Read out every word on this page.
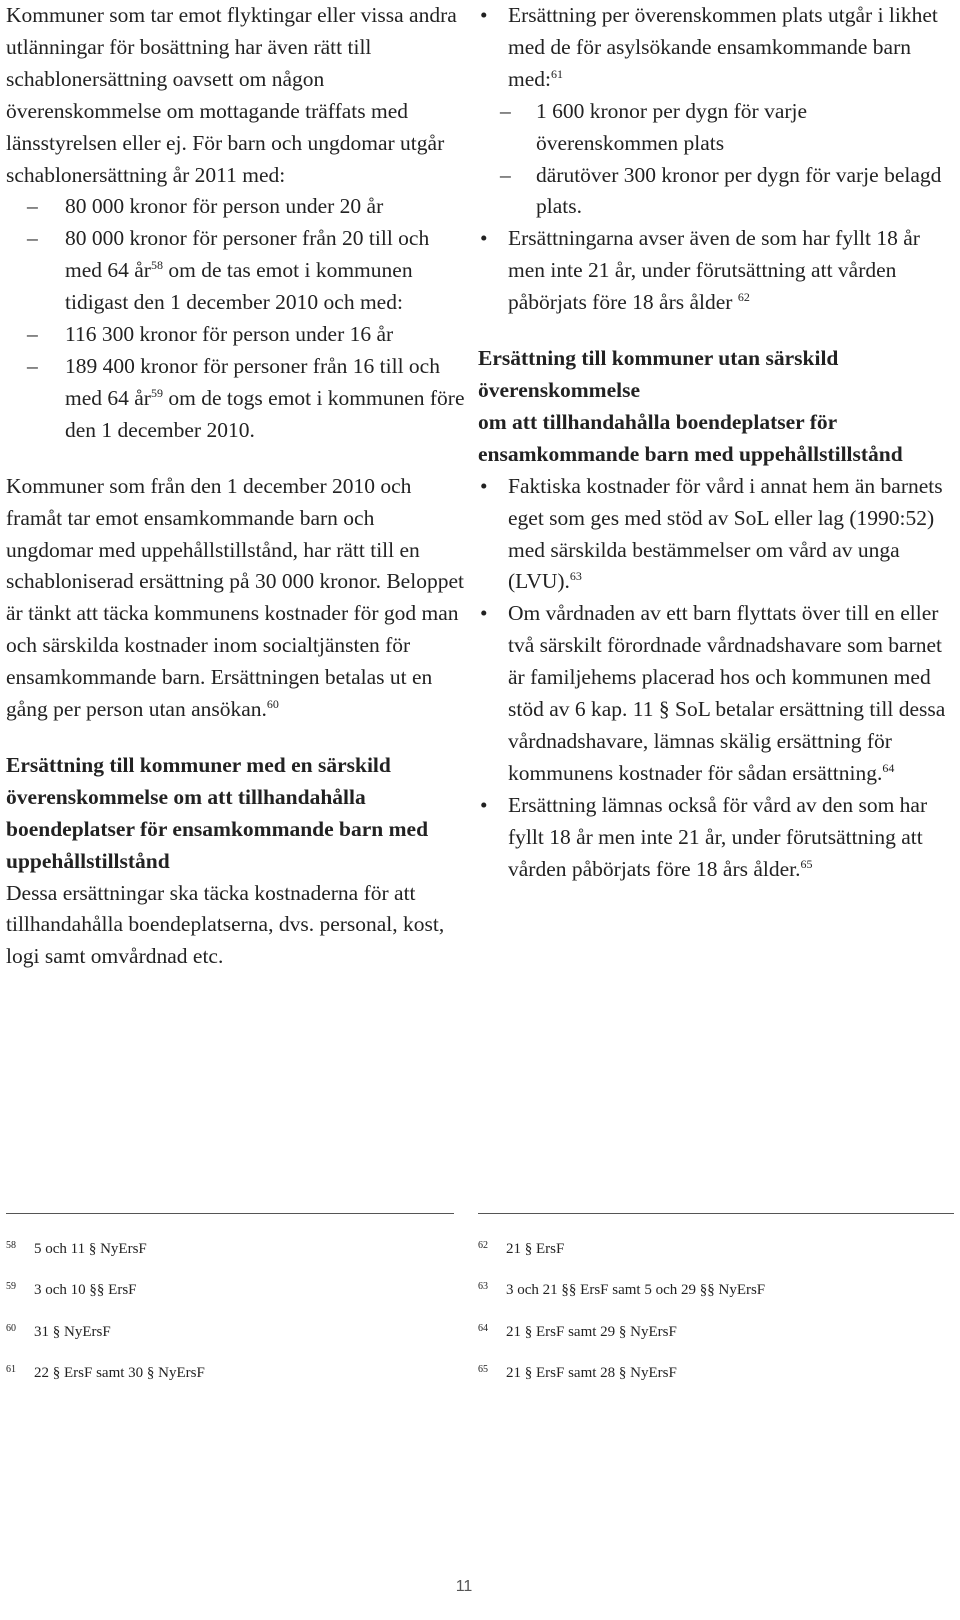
Kommuner som tar emot flyktingar eller vissa andra utlänningar för bosättning har även rätt till schablonersättning oavsett om någon överenskommelse om mottagande träffats med länsstyrelsen eller ej. För barn och ungdomar utgår schablonersättning år 2011 med:

– 80 000 kronor för person under 20 år
– 80 000 kronor för personer från 20 till och med 64 $år^{58}$ om de tas emot i kommunen tidigast den 1 december 2010 och med:
– 116 300 kronor för person under 16 år
– 189 400 kronor för personer från 16 till och med 64 $år^{59}$ om de togs emot i kommunen före den 1 december 2010.

Kommuner som från den 1 december 2010 och framåt tar emot ensamkommande barn och ungdomar med uppehållstillstånd, har rätt till en schabloniserad ersättning på 30 000 kronor. Beloppet är tänkt att täcka kommunens kostnader för god man och särskilda kostnader inom socialtjänsten för ensamkommande barn. Ersättningen betalas ut en gång per person utan ansökan.$^{60}$

Ersättning till kommuner med en särskild överenskommelse om att tillhandahålla boendeplatser för ensamkommande barn med uppehållstillstånd

Dessa ersättningar ska täcka kostnaderna för att tillhandahålla boendeplatserna, dvs. personal, kost, logi samt omvårdnad etc.

• Ersättning per överenskommen plats utgår i likhet med de för asylsökande ensamkommande barn med:$^{61}$
– 1 600 kronor per dygn för varje överenskommen plats
– därutöver 300 kronor per dygn för varje belagd plats.
• Ersättningarna avser även de som har fyllt 18 år men inte 21 år, under förutsättning att vården påbörjats före 18 års ålder $^{62}$

Ersättning till kommuner utan särskild överenskommelse

om att tillhandahålla boendeplatser för ensamkommande barn med uppehållstillstånd

• Faktiska kostnader för vård i annat hem än barnets eget som ges med stöd av SoL eller lag (1990:52) med särskilda bestämmelser om vård av unga (LVU).$^{63}$
• Om vårdnaden av ett barn flyttats över till en eller två särskilt förordnade vårdnadshavare som barnet är familjehems placerad hos och kommunen med stöd av 6 kap. 11 § SoL betalar ersättning till dessa vårdnadshavare, lämnas skälig ersättning för kommunens kostnader för sådan ersättning.$^{64}$
• Ersättning lämnas också för vård av den som har fyllt 18 år men inte 21 år, under förutsättning att vården påbörjats före 18 års ålder.$^{65}$
58 5 och 11 § NyErsF
59 3 och 10 §§ ErsF
60 31 § NyErsF
61 22 § ErsF samt 30 § NyErsF
62 21 § ErsF
63 3 och 21 §§ ErsF samt 5 och 29 §§ NyErsF
64 21 § ErsF samt 29 § NyErsF
65 21 § ErsF samt 28 § NyErsF
11
